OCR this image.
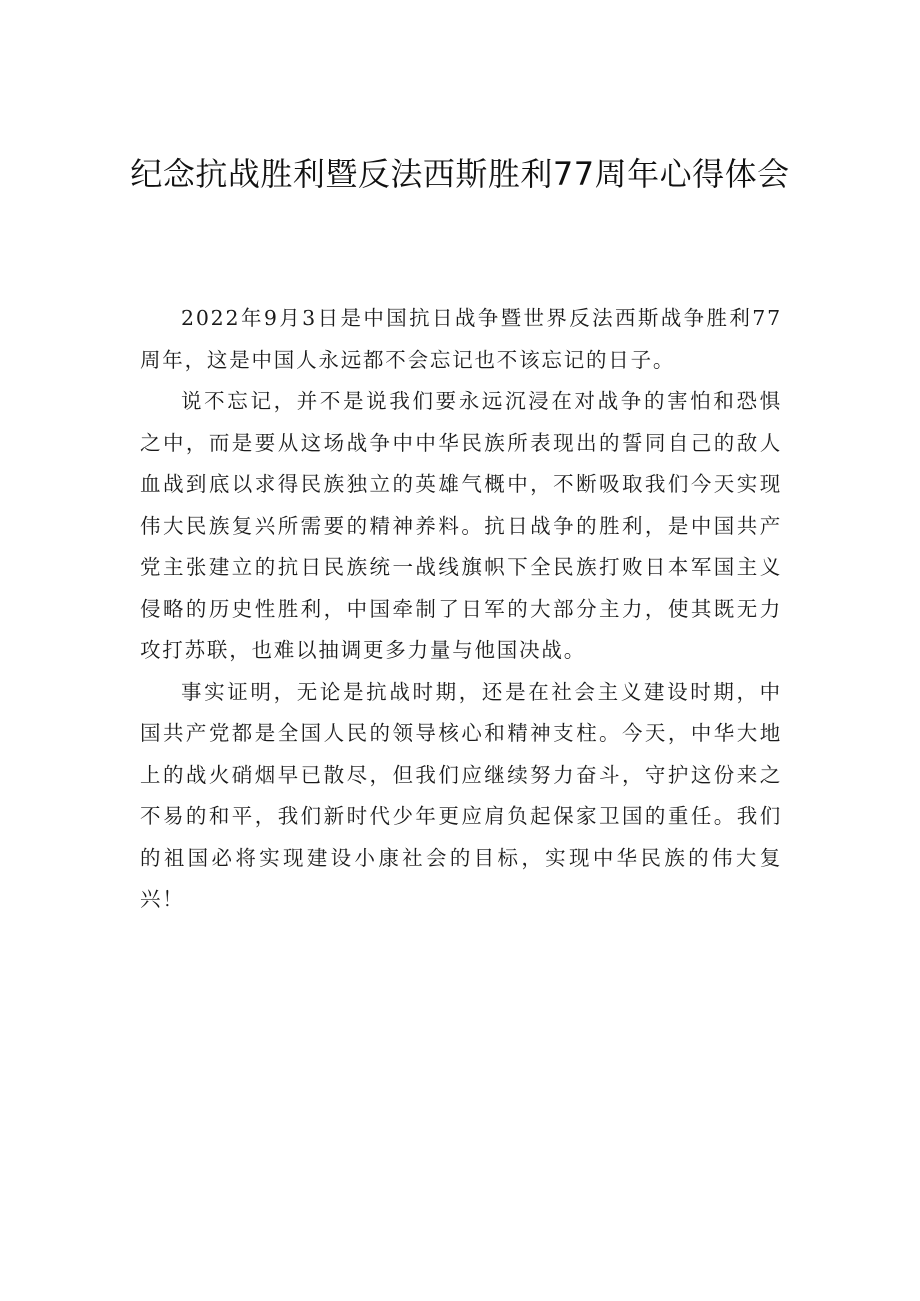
纪念抗战胜利暨反法西斯胜利77周年心得体会

2022年9月3日是中国抗日战争暨世界反法西斯战争胜利77周年，这是中国人永远都不会忘记也不该忘记的日子。

说不忘记，并不是说我们要永远沉浸在对战争的害怕和恐惧之中，而是要从这场战争中中华民族所表现出的誓同自己的敌人血战到底以求得民族独立的英雄气概中，不断吸取我们今天实现伟大民族复兴所需要的精神养料。抗日战争的胜利，是中国共产党主张建立的抗日民族统一战线旗帜下全民族打败日本军国主义侵略的历史性胜利，中国牵制了日军的大部分主力，使其既无力攻打苏联，也难以抽调更多力量与他国决战。

事实证明，无论是抗战时期，还是在社会主义建设时期，中国共产党都是全国人民的领导核心和精神支柱。今天，中华大地上的战火硝烟早已散尽，但我们应继续努力奋斗，守护这份来之不易的和平，我们新时代少年更应肩负起保家卫国的重任。我们的祖国必将实现建设小康社会的目标，实现中华民族的伟大复兴！
